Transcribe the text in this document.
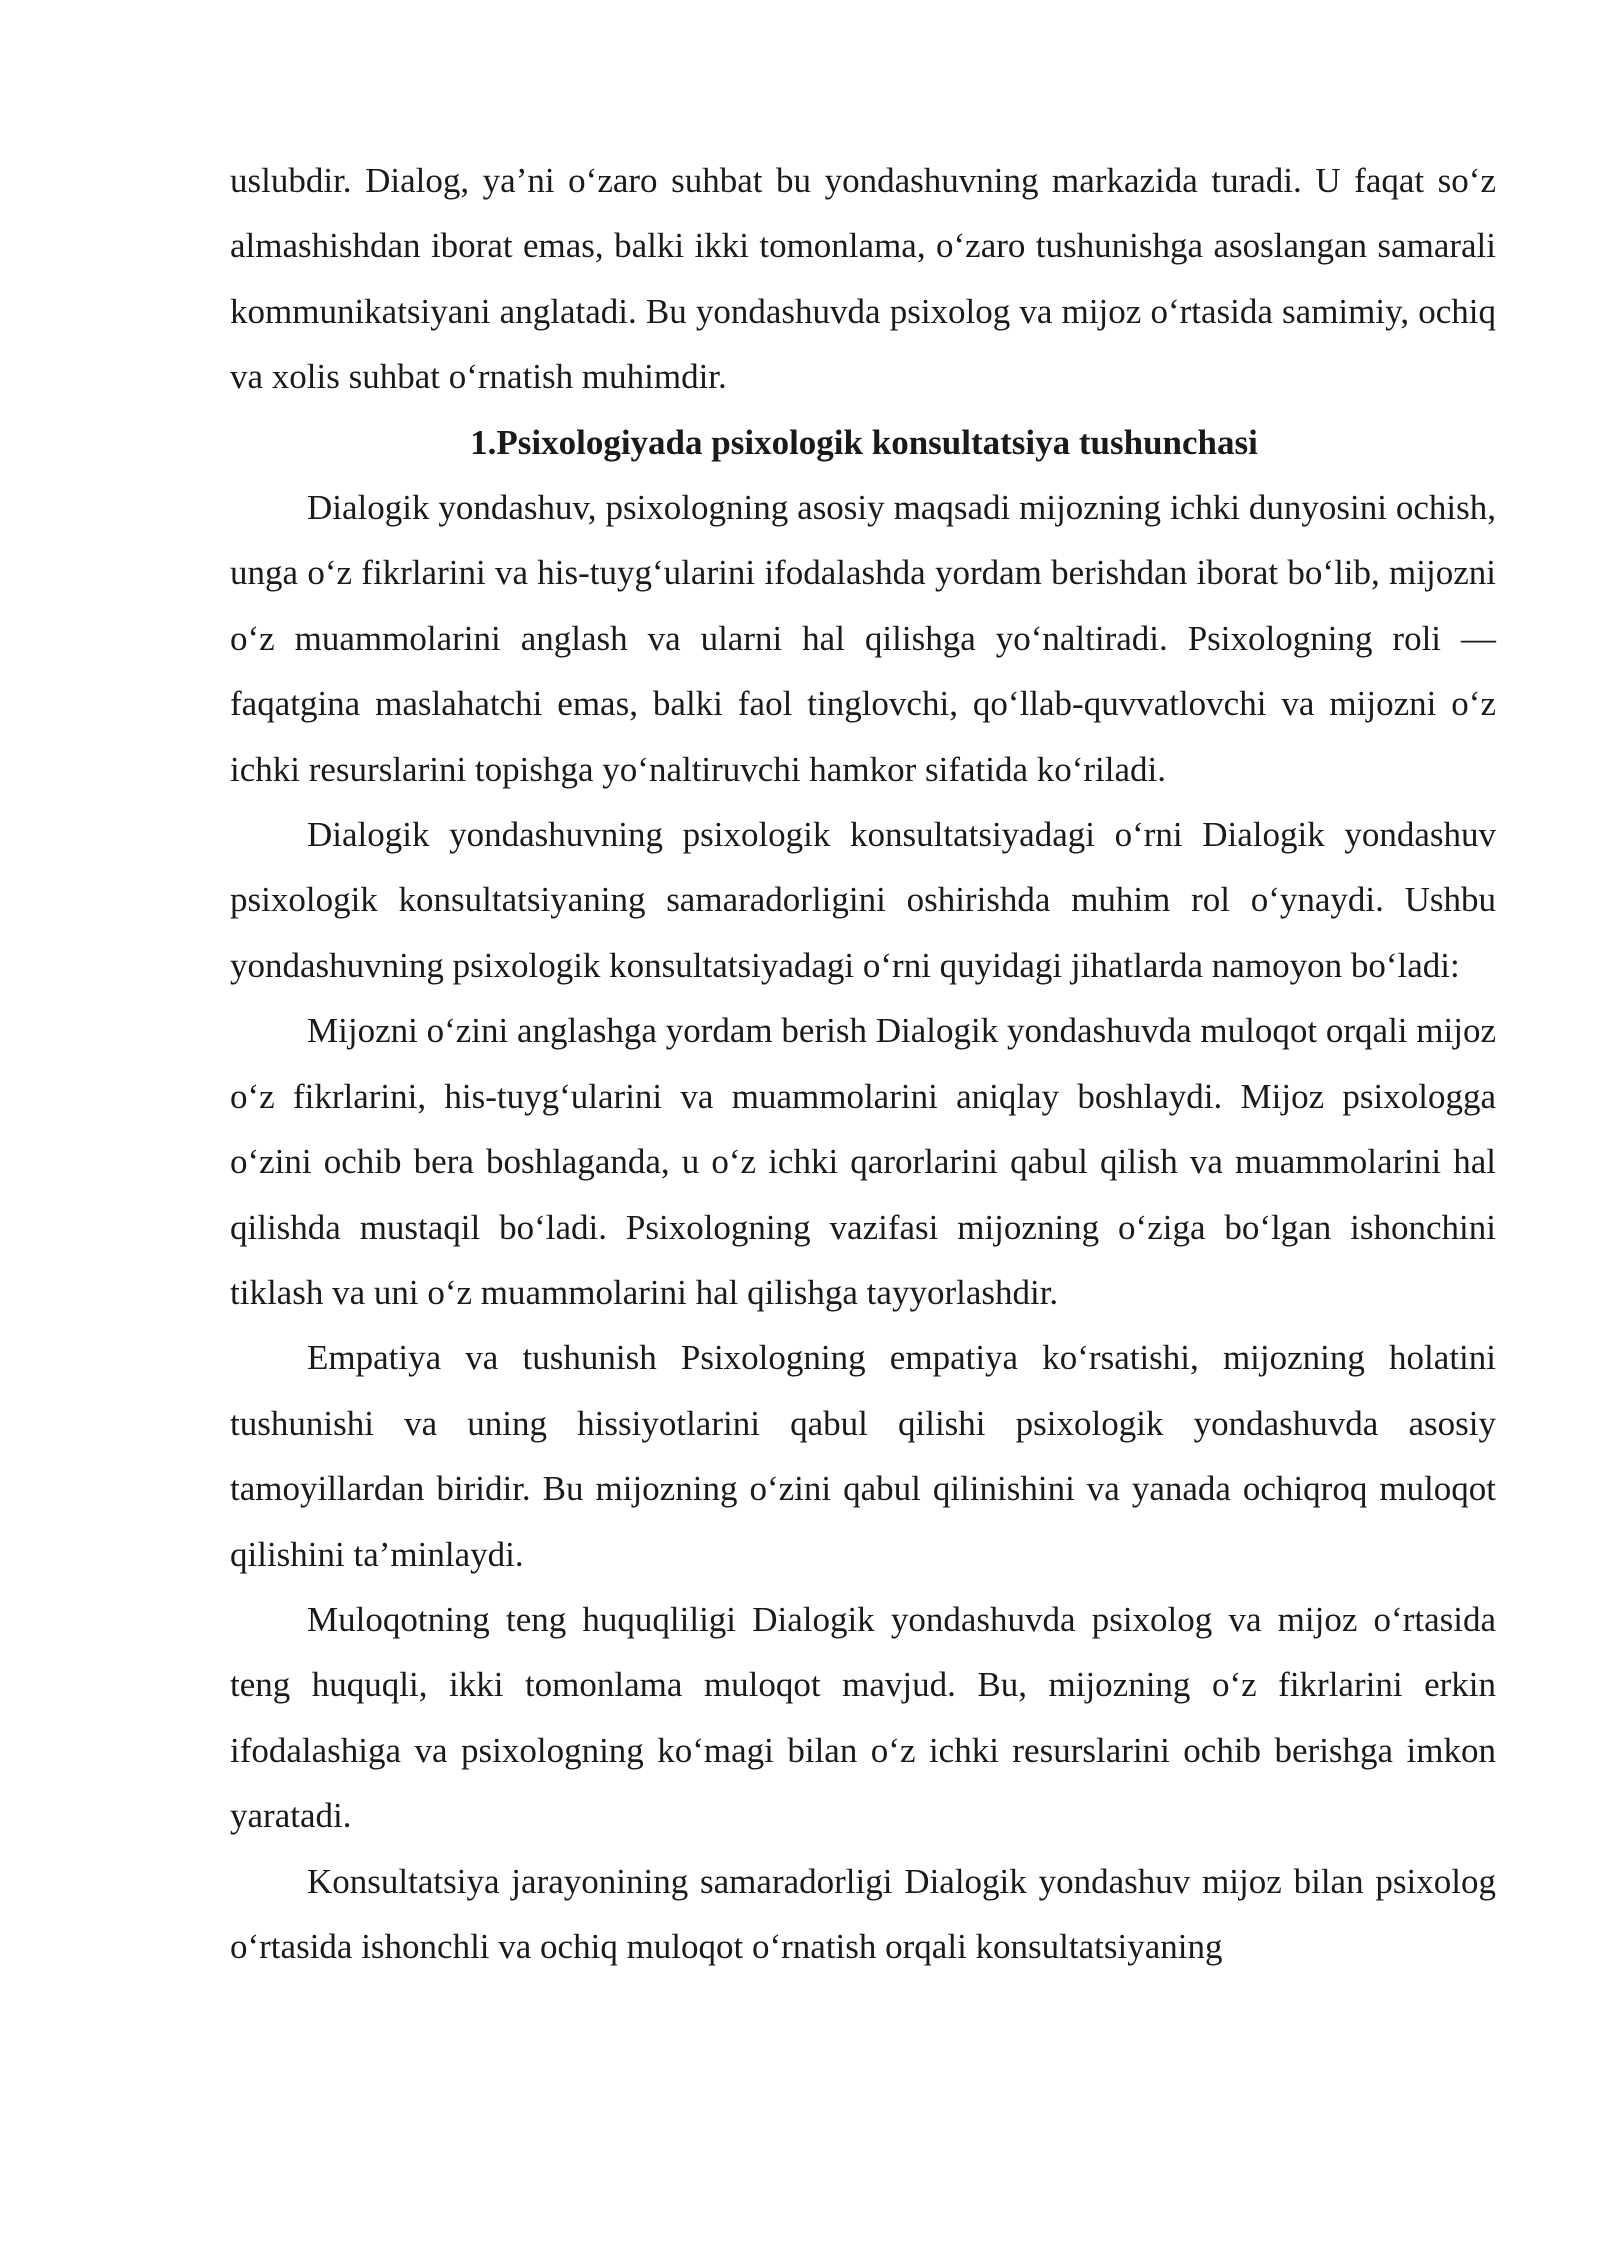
uslubdir. Dialog, ya’ni o‘zaro suhbat bu yondashuvning markazida turadi. U faqat so‘z almashishdan iborat emas, balki ikki tomonlama, o‘zaro tushunishga asoslangan samarali kommunikatsiyani anglatadi. Bu yondashuvda psixolog va mijoz o‘rtasida samimiy, ochiq va xolis suhbat o‘rnatish muhimdir.

1.Psixologiyada psixologik konsultatsiya tushunchasi

Dialogik yondashuv, psixologning asosiy maqsadi mijozning ichki dunyosini ochish, unga o‘z fikrlarini va his-tuyg‘ularini ifodalashda yordam berishdan iborat bo‘lib, mijozni o‘z muammolarini anglash va ularni hal qilishga yo‘naltiradi. Psixologning roli — faqatgina maslahatchi emas, balki faol tinglovchi, qo‘llab-quvvatlovchi va mijozni o‘z ichki resurslarini topishga yo‘naltiruvchi hamkor sifatida ko‘riladi.

Dialogik yondashuvning psixologik konsultatsiyadagi o‘rni Dialogik yondashuv psixologik konsultatsiyaning samaradorligini oshirishda muhim rol o‘ynaydi. Ushbu yondashuvning psixologik konsultatsiyadagi o‘rni quyidagi jihatlarda namoyon bo‘ladi:

Mijozni o‘zini anglashga yordam berish Dialogik yondashuvda muloqot orqali mijoz o‘z fikrlarini, his-tuyg‘ularini va muammolarini aniqlay boshlaydi. Mijoz psixologga o‘zini ochib bera boshlaganda, u o‘z ichki qarorlarini qabul qilish va muammolarini hal qilishda mustaqil bo‘ladi. Psixologning vazifasi mijozning o‘ziga bo‘lgan ishonchini tiklash va uni o‘z muammolarini hal qilishga tayyorlashdir.

Empatiya va tushunish Psixologning empatiya ko‘rsatishi, mijozning holatini tushunishi va uning hissiyotlarini qabul qilishi psixologik yondashuvda asosiy tamoyillardan biridir. Bu mijozning o‘zini qabul qilinishini va yanada ochiqroq muloqot qilishini ta’minlaydi.

Muloqotning teng huquqliligi Dialogik yondashuvda psixolog va mijoz o‘rtasida teng huquqli, ikki tomonlama muloqot mavjud. Bu, mijozning o‘z fikrlarini erkin ifodalashiga va psixologning ko‘magi bilan o‘z ichki resurslarini ochib berishga imkon yaratadi.

Konsultatsiya jarayonining samaradorligi Dialogik yondashuv mijoz bilan psixolog o‘rtasida ishonchli va ochiq muloqot o‘rnatish orqali konsultatsiyaning
